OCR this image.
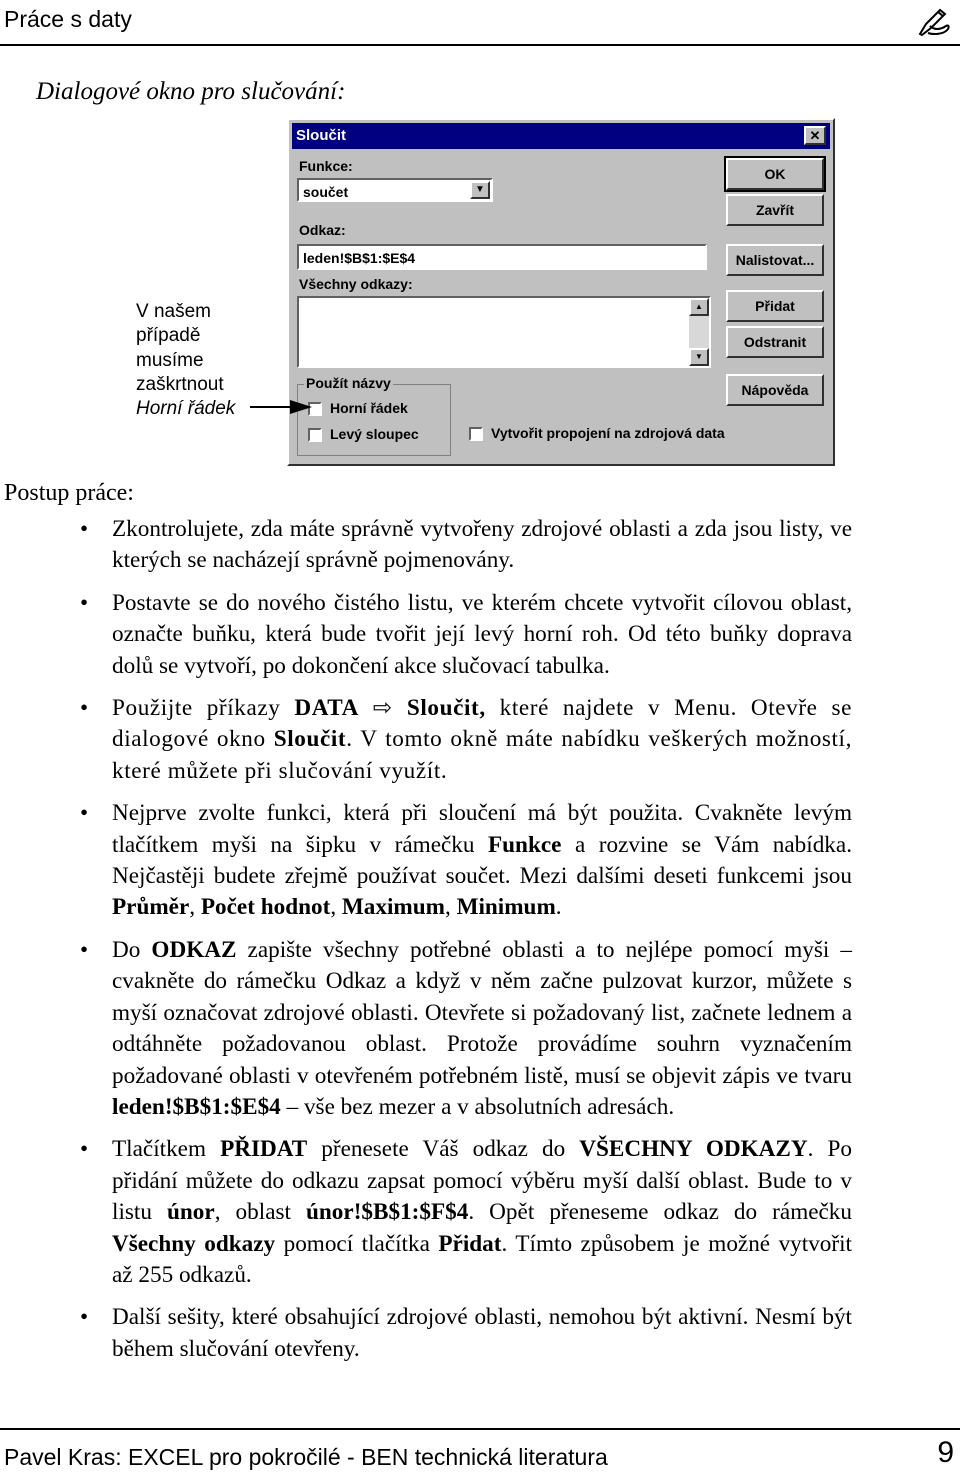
Práce s daty
Dialogové okno pro slučování:
Sloučit	✕
Funkce:
součet	▼
Odkaz:
leden!$B$1:$E$4
Všechny odkazy:
▲
▼
Použít názvy
Horní řádek
Levý sloupec	Vytvořit propojení na zdrojová data
OK
Zavřít
Nalistovat...
Přidat
Odstranit
Nápověda
V našem
případě
musíme
zaškrtnout
Horní řádek
Postup práce:
• Zkontrolujete, zda máte správně vytvořeny zdrojové oblasti a zda jsou listy, ve kterých se nacházejí správně pojmenovány.
• Postavte se do nového čistého listu, ve kterém chcete vytvořit cílovou oblast, označte buňku, která bude tvořit její levý horní roh. Od této buňky doprava dolů se vytvoří, po dokončení akce slučovací tabulka.
• Použijte příkazy DATA ⇨ Sloučit, které najdete v Menu. Otevře se dialogové okno Sloučit. V tomto okně máte nabídku veškerých možností, které můžete při slučování využít.
• Nejprve zvolte funkci, která při sloučení má být použita. Cvakněte levým tlačítkem myši na šipku v rámečku Funkce a rozvine se Vám nabídka. Nejčastěji budete zřejmě používat součet. Mezi dalšími deseti funkcemi jsou Průměr, Počet hodnot, Maximum, Minimum.
• Do ODKAZ zapište všechny potřebné oblasti a to nejlépe pomocí myši – cvakněte do rámečku Odkaz a když v něm začne pulzovat kurzor, můžete s myší označovat zdrojové oblasti. Otevřete si požadovaný list, začnete lednem a odtáhněte požadovanou oblast. Protože provádíme souhrn vyznačením požadované oblasti v otevřeném potřebném listě, musí se objevit zápis ve tvaru leden!$B$1:$E$4 – vše bez mezer a v absolutních adresách.
• Tlačítkem PŘIDAT přenesete Váš odkaz do VŠECHNY ODKAZY. Po přidání můžete do odkazu zapsat pomocí výběru myší další oblast. Bude to v listu únor, oblast únor!$B$1:$F$4. Opět přeneseme odkaz do rámečku Všechny odkazy pomocí tlačítka Přidat. Tímto způsobem je možné vytvořit až 255 odkazů.
• Další sešity, které obsahující zdrojové oblasti, nemohou být aktivní. Nesmí být během slučování otevřeny.
Pavel Kras: EXCEL pro pokročilé - BEN technická literatura	9
